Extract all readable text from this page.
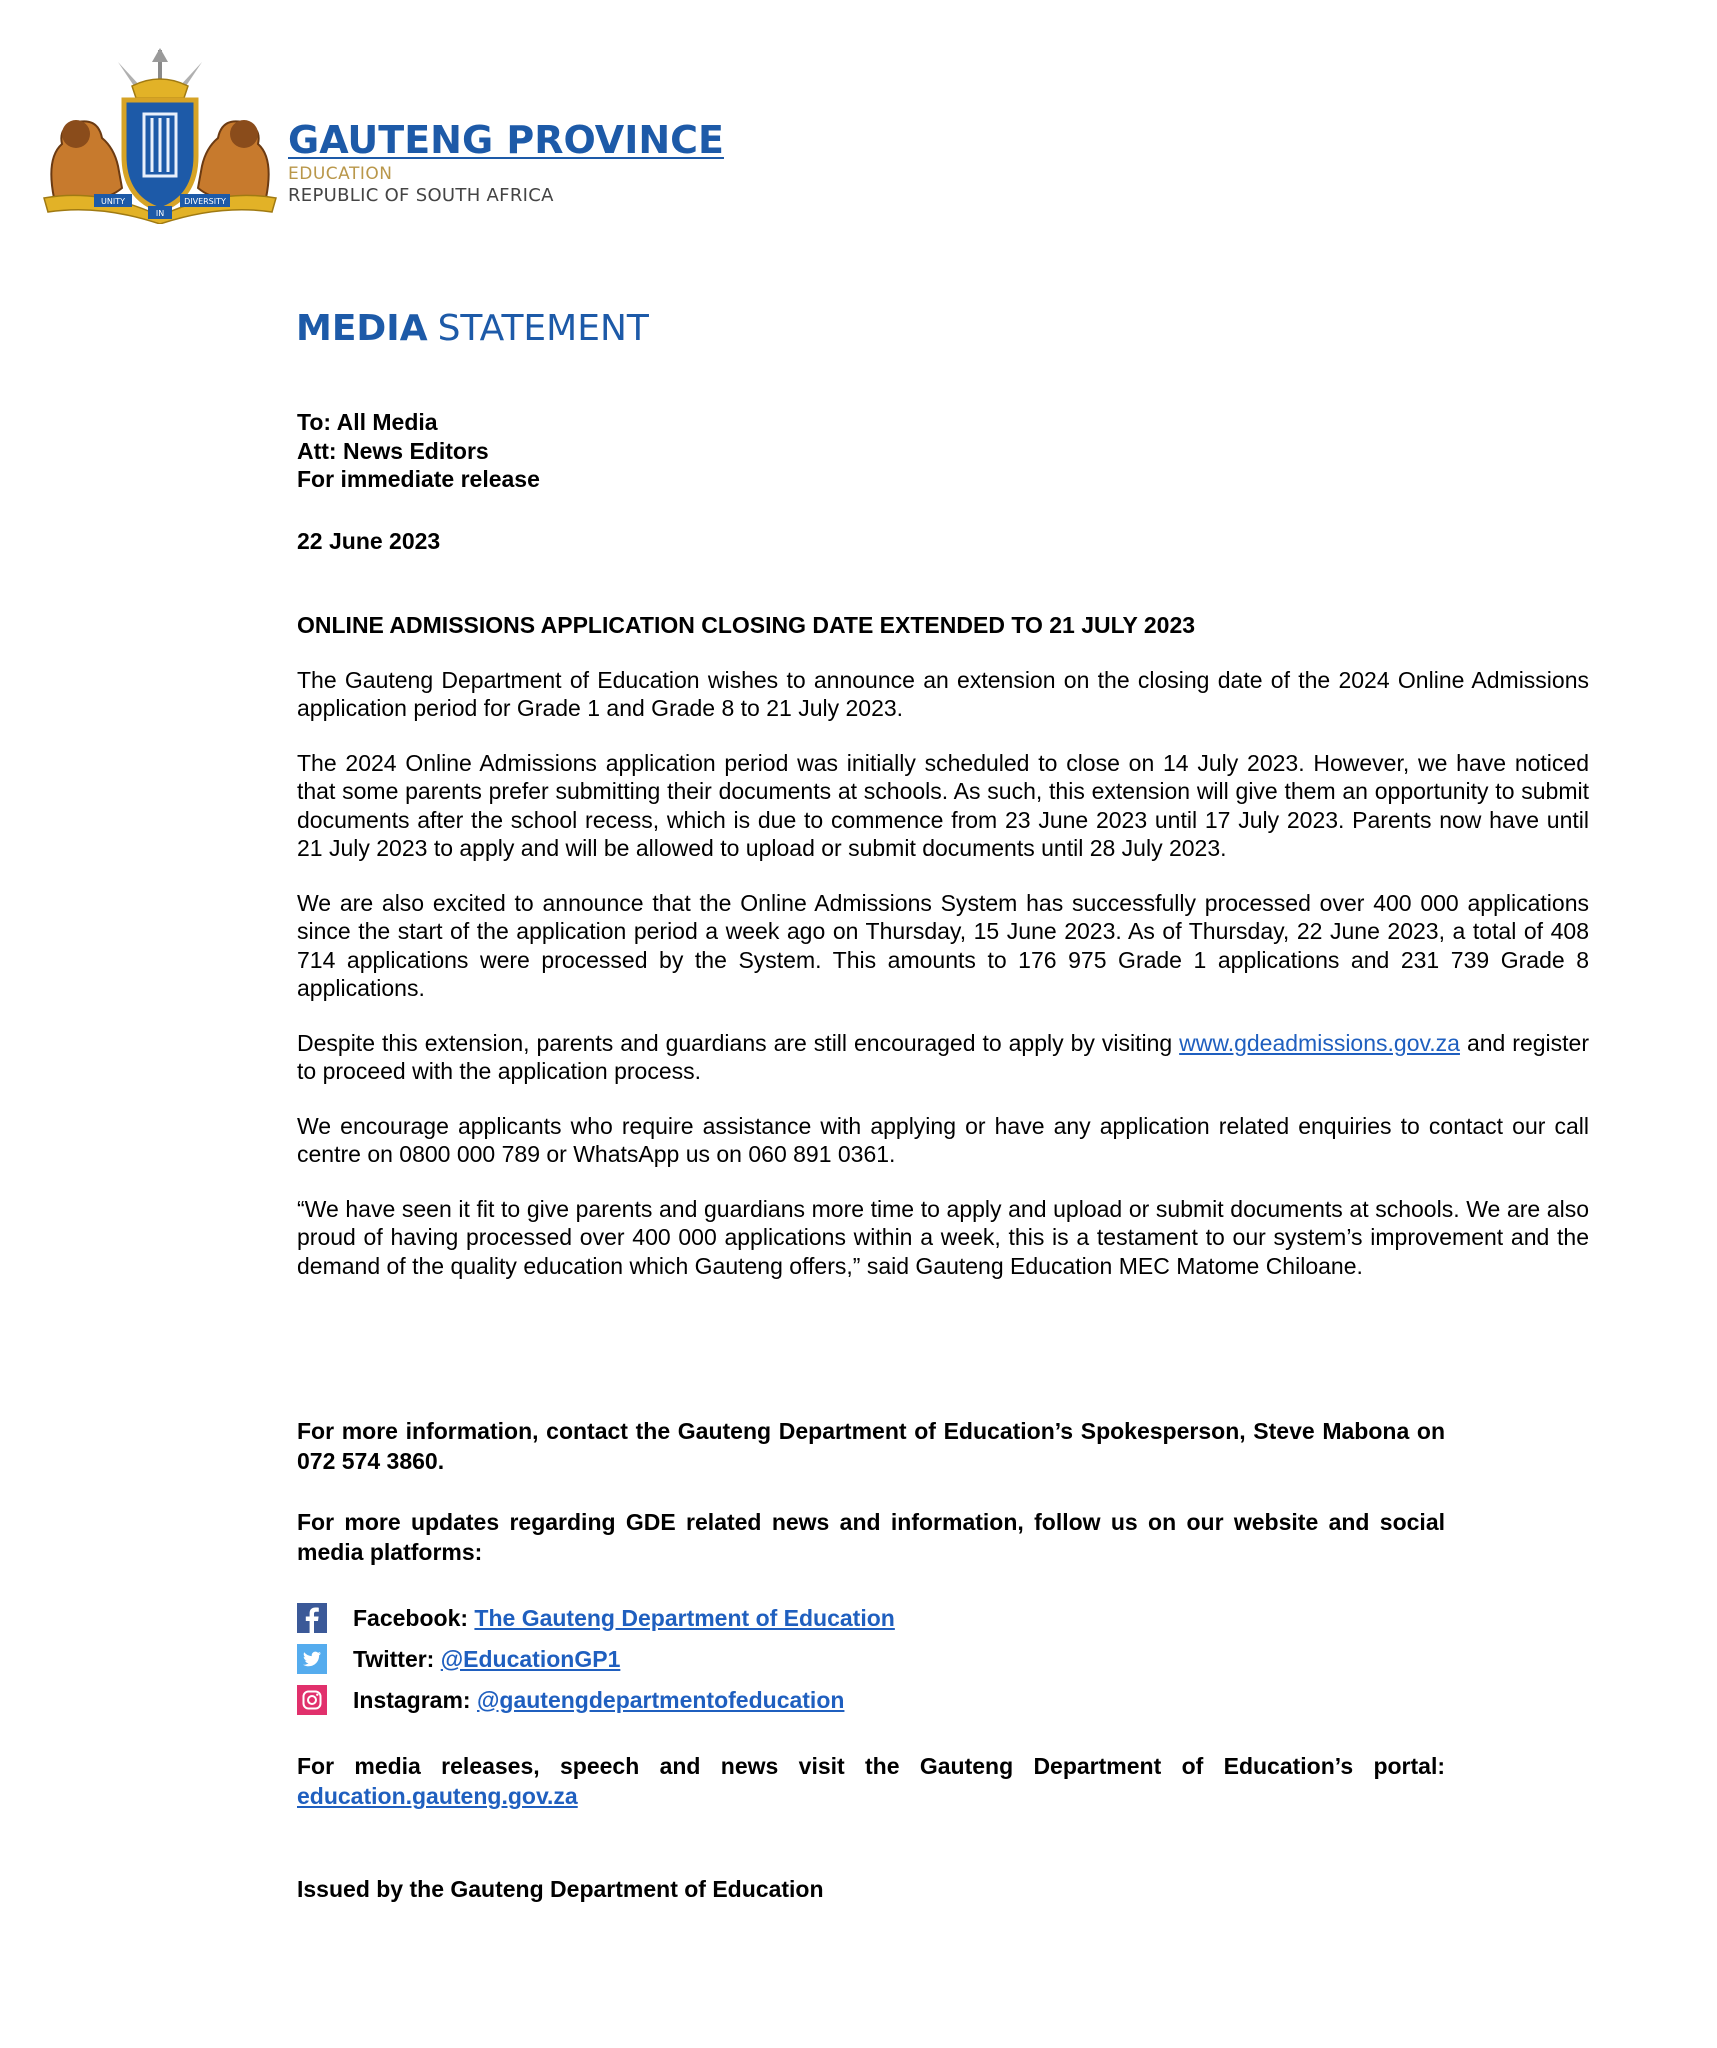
UNITY
IN
DIVERSITY
GAUTENG PROVINCE
EDUCATION
REPUBLIC OF SOUTH AFRICA
MEDIA STATEMENT

To: All Media

Att: News Editors

For immediate release

22 June 2023
ONLINE ADMISSIONS APPLICATION CLOSING DATE EXTENDED TO 21 JULY 2023

The Gauteng Department of Education wishes to announce an extension on the closing date of the 2024 Online Admissions application period for Grade 1 and Grade 8 to 21 July 2023.

The 2024 Online Admissions application period was initially scheduled to close on 14 July 2023. However, we have noticed that some parents prefer submitting their documents at schools. As such, this extension will give them an opportunity to submit documents after the school recess, which is due to commence from 23 June 2023 until 17 July 2023. Parents now have until 21 July 2023 to apply and will be allowed to upload or submit documents until 28 July 2023.

We are also excited to announce that the Online Admissions System has successfully processed over 400 000 applications since the start of the application period a week ago on Thursday, 15 June 2023. As of Thursday, 22 June 2023, a total of 408 714 applications were processed by the System. This amounts to 176 975 Grade 1 applications and 231 739 Grade 8 applications.

Despite this extension, parents and guardians are still encouraged to apply by visiting www.gdeadmissions.gov.za and register to proceed with the application process.

We encourage applicants who require assistance with applying or have any application related enquiries to contact our call centre on 0800 000 789 or WhatsApp us on 060 891 0361.

“We have seen it fit to give parents and guardians more time to apply and upload or submit documents at schools. We are also proud of having processed over 400 000 applications within a week, this is a testament to our system’s improvement and the demand of the quality education which Gauteng offers,” said Gauteng Education MEC Matome Chiloane.

For more information, contact the Gauteng Department of Education’s Spokesperson, Steve Mabona on 072 574 3860.

For more updates regarding GDE related news and information, follow us on our website and social media platforms:

Facebook:
The Gauteng Department of Education
Twitter:
@EducationGP1
Instagram:
@gautengdepartmentofeducation

For media releases, speech and news visit the Gauteng Department of Education’s portal: education.gauteng.gov.za

Issued by the Gauteng Department of Education
